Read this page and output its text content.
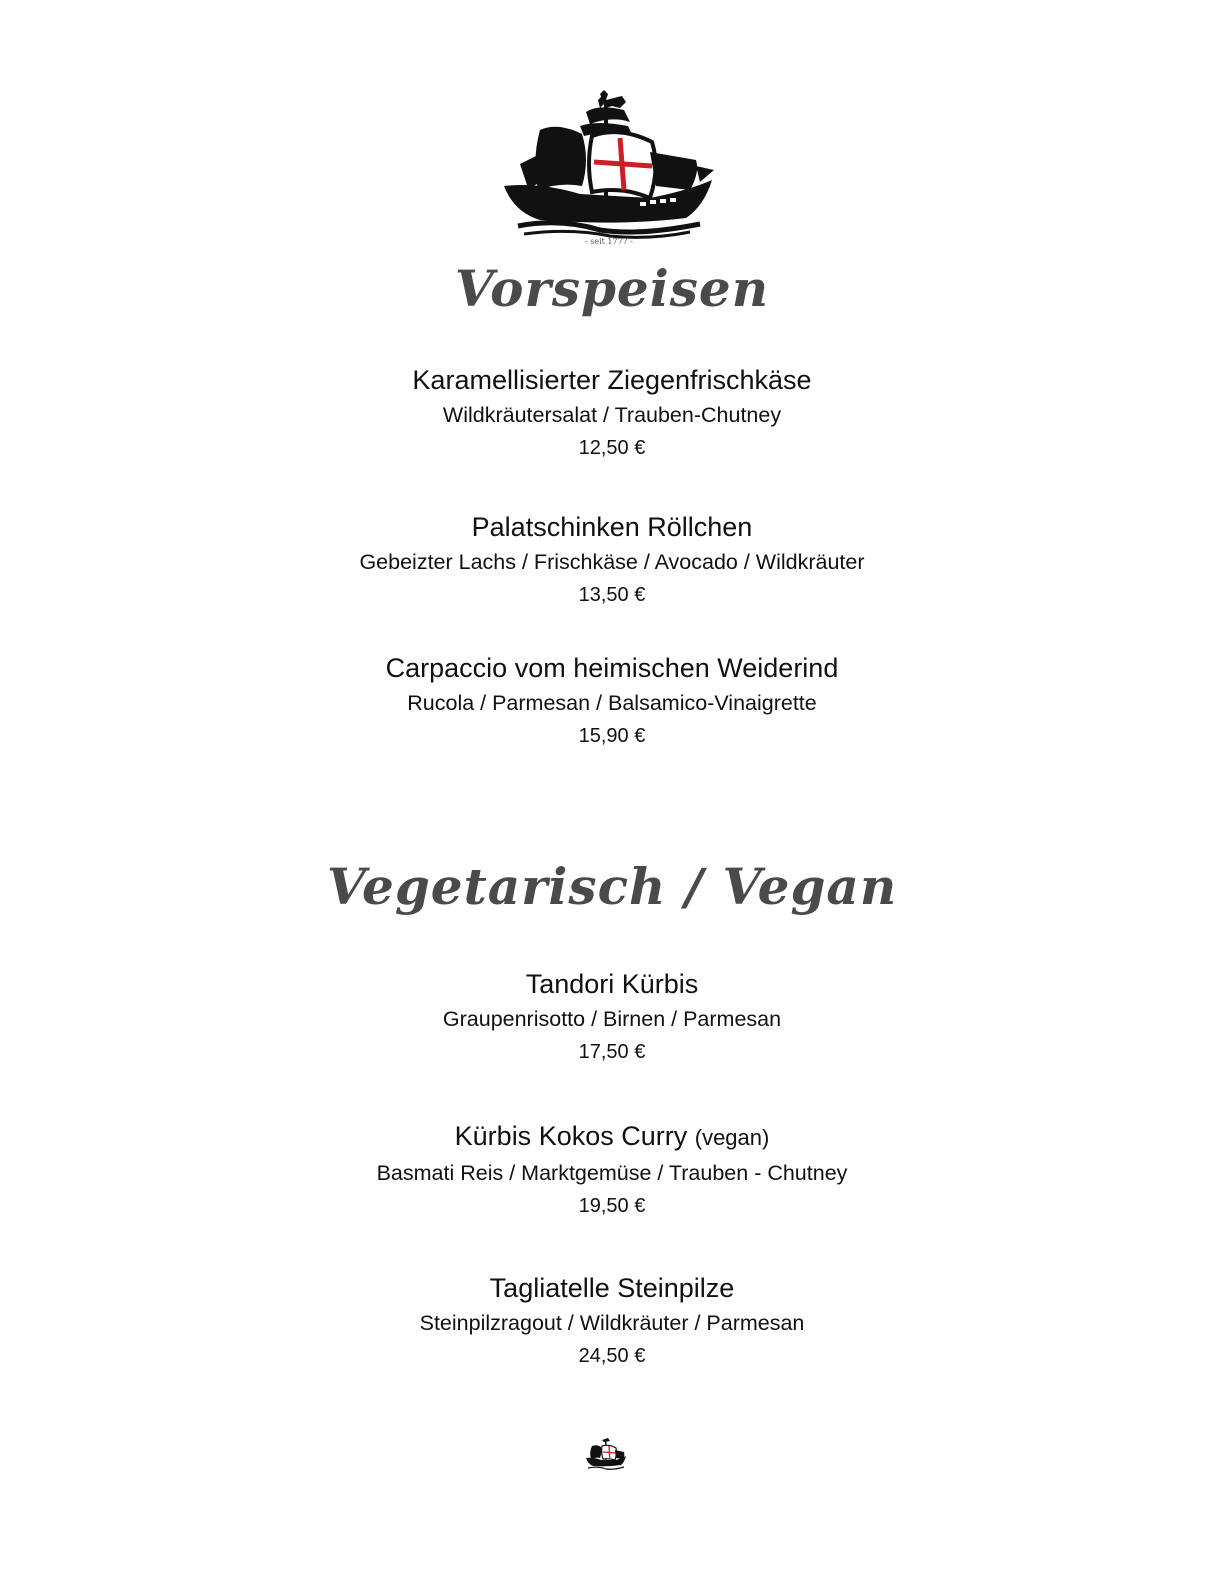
- seit 1777 -
Vorspeisen
Karamellisierter Ziegenfrischkäse
Wildkräutersalat / Trauben-Chutney
12,50 €
Palatschinken Röllchen
Gebeizter Lachs / Frischkäse / Avocado / Wildkräuter
13,50 €
Carpaccio vom heimischen Weiderind
Rucola / Parmesan / Balsamico-Vinaigrette
15,90 €
Vegetarisch / Vegan
Tandori Kürbis
Graupenrisotto / Birnen / Parmesan
17,50 €
Kürbis Kokos Curry (vegan)
Basmati Reis / Marktgemüse / Trauben - Chutney
19,50 €
Tagliatelle Steinpilze
Steinpilzragout / Wildkräuter / Parmesan
24,50 €
